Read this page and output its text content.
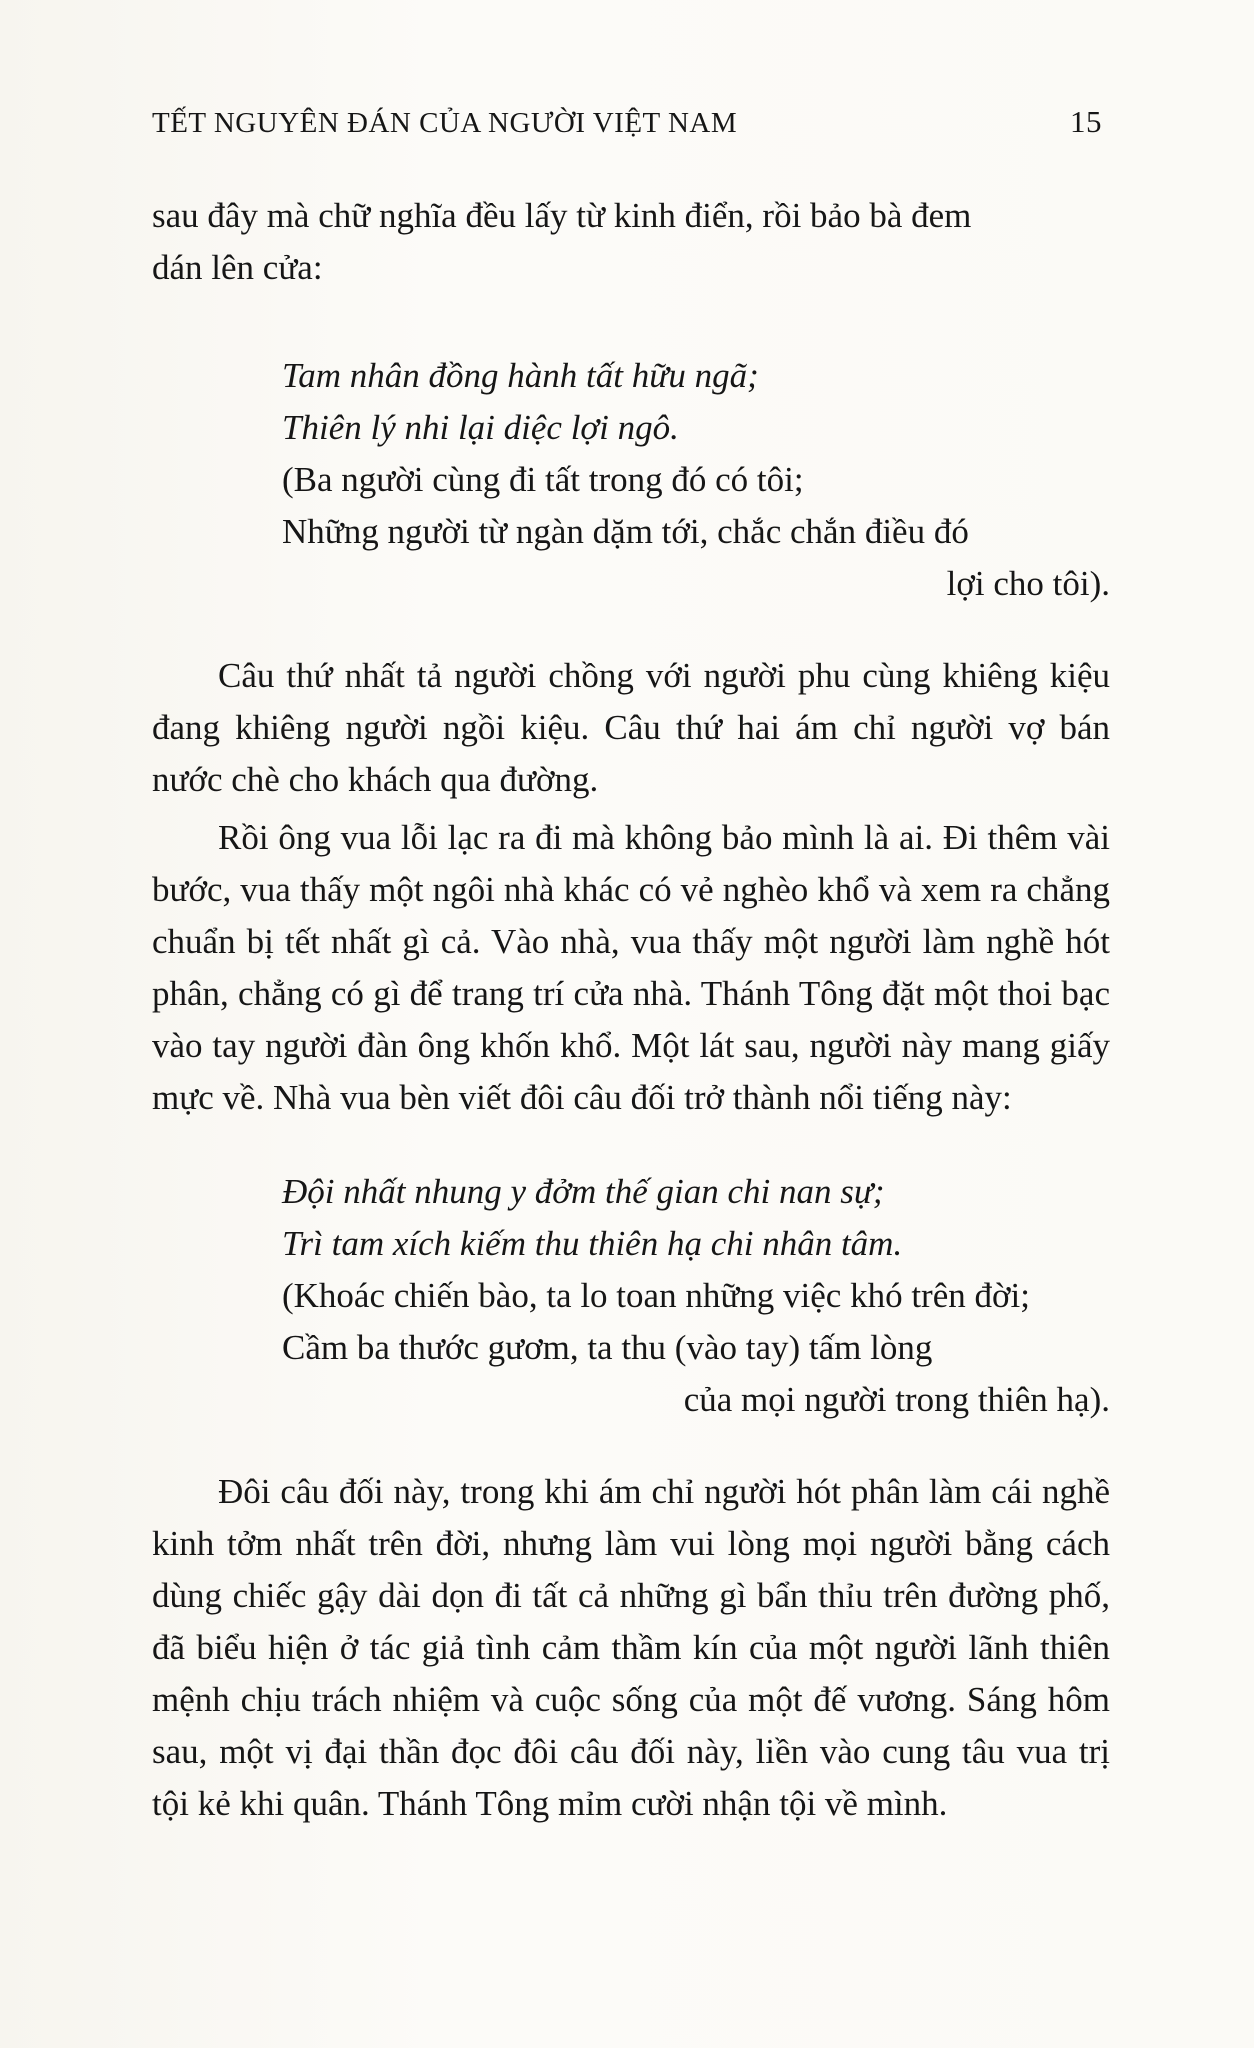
TẾT NGUYÊN ĐÁN CỦA NGƯỜI VIỆT NAM	15

sau đây mà chữ nghĩa đều lấy từ kinh điển, rồi bảo bà đem
dán lên cửa:

Tam nhân đồng hành tất hữu ngã;
Thiên lý nhi lại diệc lợi ngô.
(Ba người cùng đi tất trong đó có tôi;
Những người từ ngàn dặm tới, chắc chắn điều đó
lợi cho tôi).

Câu thứ nhất tả người chồng với người phu cùng khiêng kiệu đang khiêng người ngồi kiệu. Câu thứ hai ám chỉ người vợ bán nước chè cho khách qua đường.

Rồi ông vua lỗi lạc ra đi mà không bảo mình là ai. Đi thêm vài bước, vua thấy một ngôi nhà khác có vẻ nghèo khổ và xem ra chẳng chuẩn bị tết nhất gì cả. Vào nhà, vua thấy một người làm nghề hót phân, chẳng có gì để trang trí cửa nhà. Thánh Tông đặt một thoi bạc vào tay người đàn ông khốn khổ. Một lát sau, người này mang giấy mực về. Nhà vua bèn viết đôi câu đối trở thành nổi tiếng này:

Đội nhất nhung y đởm thế gian chi nan sự;
Trì tam xích kiếm thu thiên hạ chi nhân tâm.
(Khoác chiến bào, ta lo toan những việc khó trên đời;
Cầm ba thước gươm, ta thu (vào tay) tấm lòng
của mọi người trong thiên hạ).

Đôi câu đối này, trong khi ám chỉ người hót phân làm cái nghề kinh tởm nhất trên đời, nhưng làm vui lòng mọi người bằng cách dùng chiếc gậy dài dọn đi tất cả những gì bẩn thỉu trên đường phố, đã biểu hiện ở tác giả tình cảm thầm kín của một người lãnh thiên mệnh chịu trách nhiệm và cuộc sống của một đế vương. Sáng hôm sau, một vị đại thần đọc đôi câu đối này, liền vào cung tâu vua trị tội kẻ khi quân. Thánh Tông mỉm cười nhận tội về mình.
